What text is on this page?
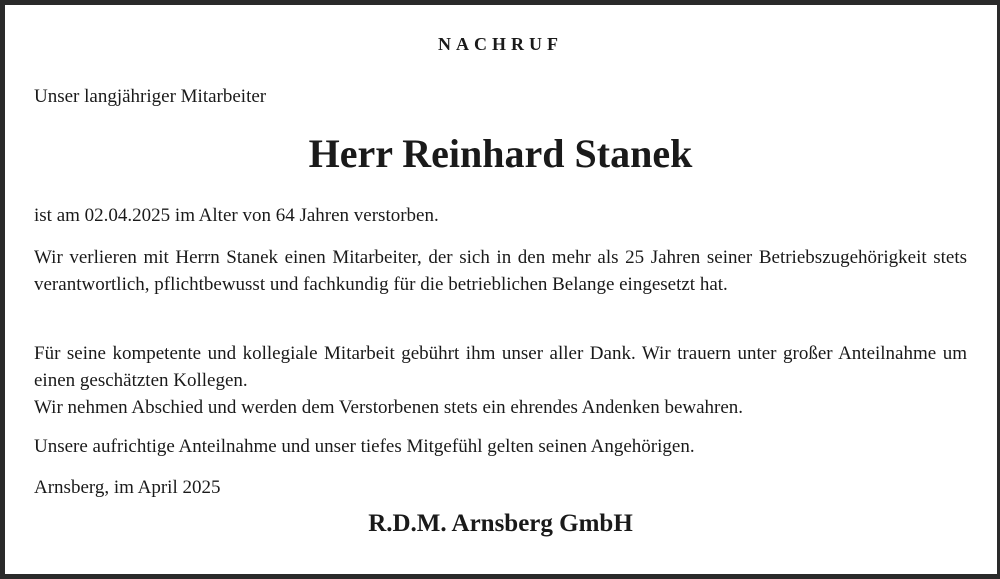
NACHRUF
Unser langjähriger Mitarbeiter
Herr Reinhard Stanek

ist am 02.04.2025 im Alter von 64 Jahren verstorben.

Wir verlieren mit Herrn Stanek einen Mitarbeiter, der sich in den mehr als 25 Jahren seiner Betriebszugehörigkeit stets verantwortlich, pflichtbewusst und fachkundig für die betrieblichen Belange eingesetzt hat.

Für seine kompetente und kollegiale Mitarbeit gebührt ihm unser aller Dank. Wir trauern unter großer Anteilnahme um einen geschätzten Kollegen.

Wir nehmen Abschied und werden dem Verstorbenen stets ein ehrendes Andenken bewahren.

Unsere aufrichtige Anteilnahme und unser tiefes Mitgefühl gelten seinen Angehörigen.

Arnsberg, im April 2025

R.D.M. Arnsberg GmbH
